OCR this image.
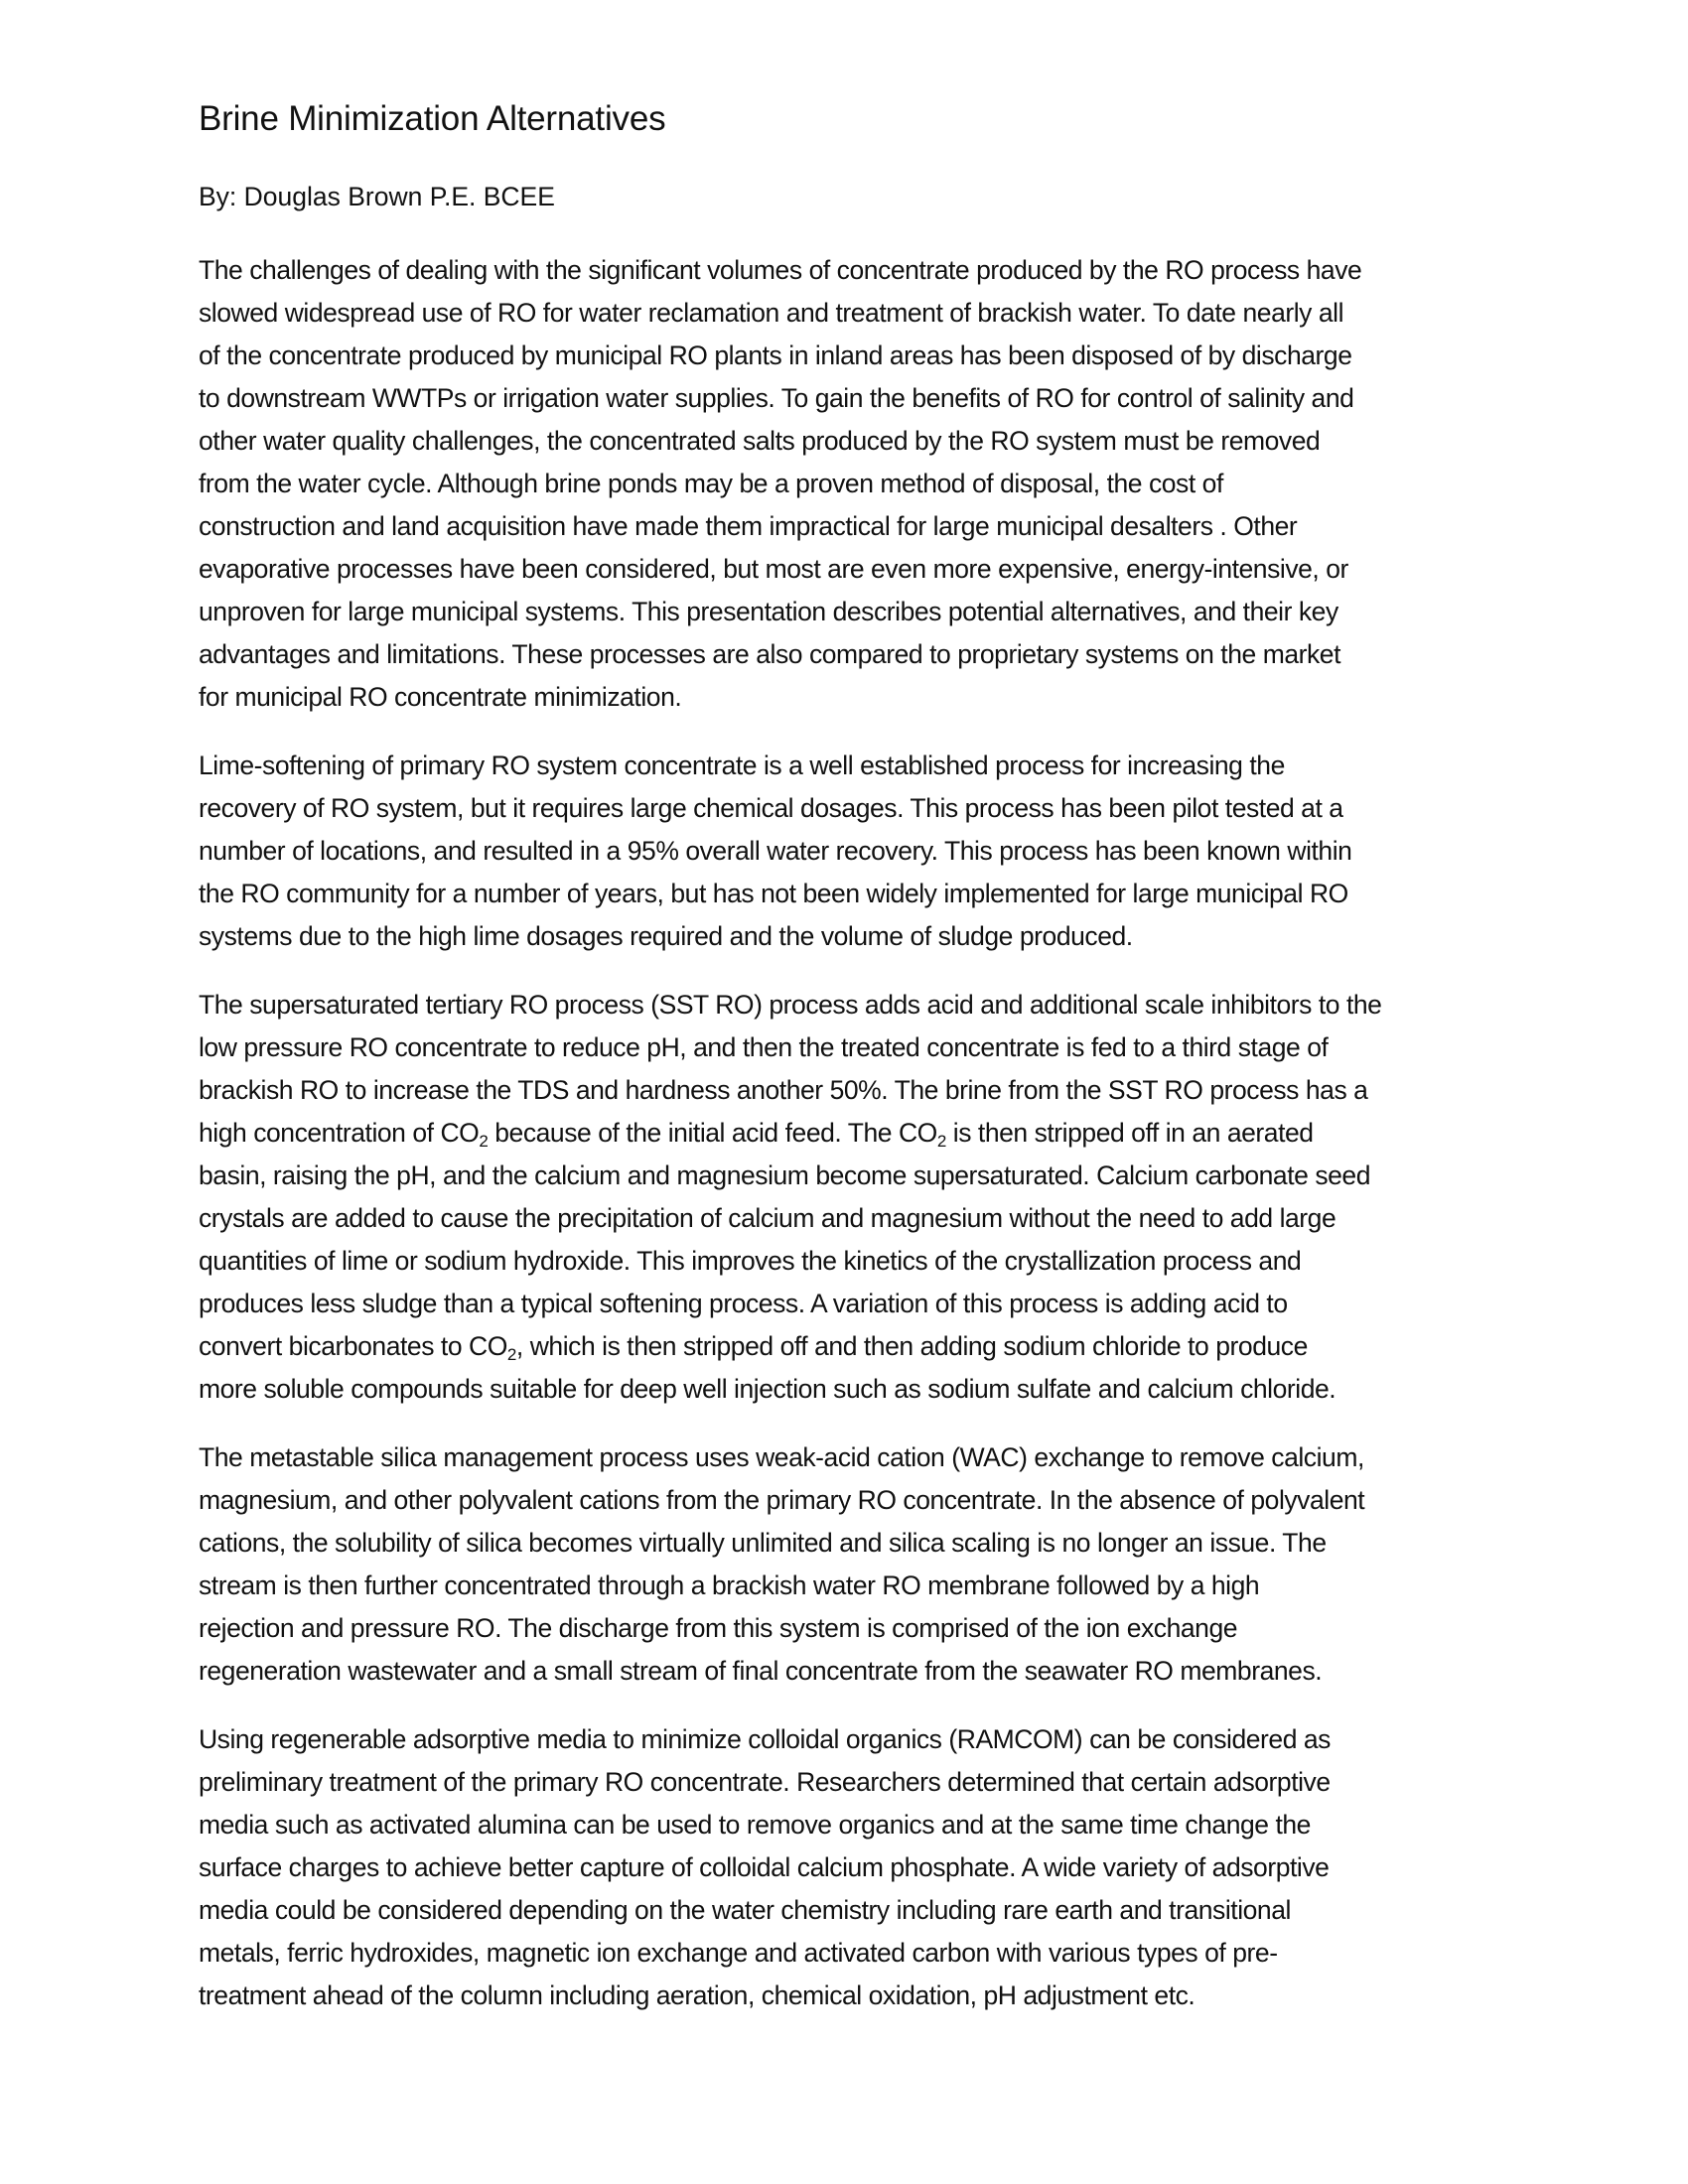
Brine Minimization Alternatives

By: Douglas Brown P.E. BCEE

The challenges of dealing with the significant volumes of concentrate produced by the RO process have
slowed widespread use of RO for water reclamation and treatment of brackish water. To date nearly all
of the concentrate produced by municipal RO plants in inland areas has been disposed of by discharge
to downstream WWTPs or irrigation water supplies. To gain the benefits of RO for control of salinity and
other water quality challenges, the concentrated salts produced by the RO system must be removed
from the water cycle. Although brine ponds may be a proven method of disposal, the cost of
construction and land acquisition have made them impractical for large municipal desalters . Other
evaporative processes have been considered, but most are even more expensive, energy-intensive, or
unproven for large municipal systems. This presentation describes potential alternatives, and their key
advantages and limitations. These processes are also compared to proprietary systems on the market
for municipal RO concentrate minimization.
Lime-softening of primary RO system concentrate is a well established process for increasing the
recovery of RO system, but it requires large chemical dosages. This process has been pilot tested at a
number of locations, and resulted in a 95% overall water recovery. This process has been known within
the RO community for a number of years, but has not been widely implemented for large municipal RO
systems due to the high lime dosages required and the volume of sludge produced.
The supersaturated tertiary RO process (SST RO) process adds acid and additional scale inhibitors to the
low pressure RO concentrate to reduce pH, and then the treated concentrate is fed to a third stage of
brackish RO to increase the TDS and hardness another 50%. The brine from the SST RO process has a
high concentration of $CO_2$ because of the initial acid feed. The $CO_2$ is then stripped off in an aerated
basin, raising the pH, and the calcium and magnesium become supersaturated. Calcium carbonate seed
crystals are added to cause the precipitation of calcium and magnesium without the need to add large
quantities of lime or sodium hydroxide. This improves the kinetics of the crystallization process and
produces less sludge than a typical softening process. A variation of this process is adding acid to
convert bicarbonates to $CO_2$, which is then stripped off and then adding sodium chloride to produce
more soluble compounds suitable for deep well injection such as sodium sulfate and calcium chloride.
The metastable silica management process uses weak-acid cation (WAC) exchange to remove calcium,
magnesium, and other polyvalent cations from the primary RO concentrate. In the absence of polyvalent
cations, the solubility of silica becomes virtually unlimited and silica scaling is no longer an issue. The
stream is then further concentrated through a brackish water RO membrane followed by a high
rejection and pressure RO. The discharge from this system is comprised of the ion exchange
regeneration wastewater and a small stream of final concentrate from the seawater RO membranes.
Using regenerable adsorptive media to minimize colloidal organics (RAMCOM) can be considered as
preliminary treatment of the primary RO concentrate. Researchers determined that certain adsorptive
media such as activated alumina can be used to remove organics and at the same time change the
surface charges to achieve better capture of colloidal calcium phosphate. A wide variety of adsorptive
media could be considered depending on the water chemistry including rare earth and transitional
metals, ferric hydroxides, magnetic ion exchange and activated carbon with various types of pre-
treatment ahead of the column including aeration, chemical oxidation, pH adjustment etc.
